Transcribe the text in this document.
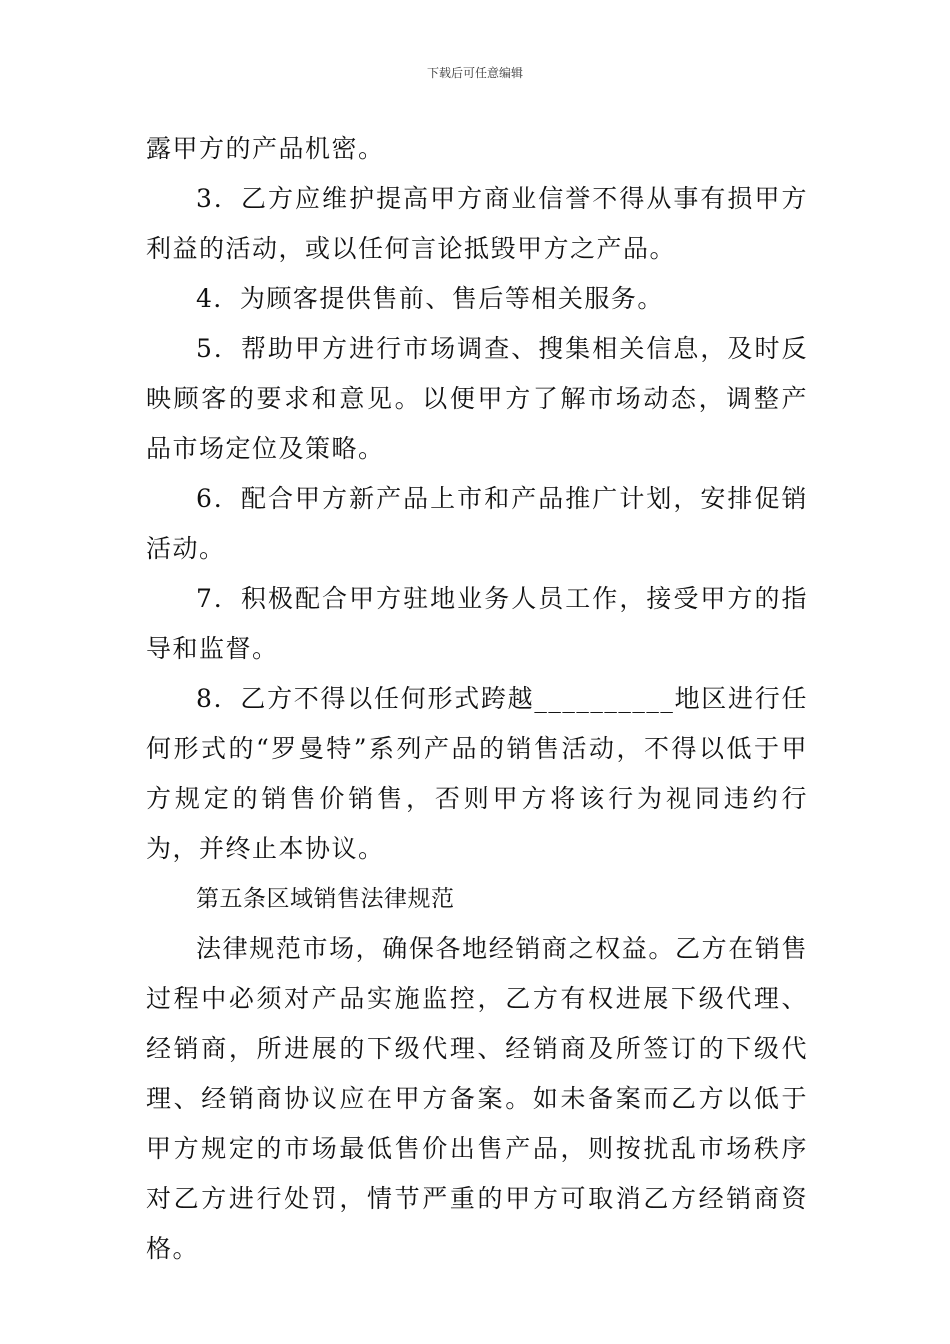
下载后可任意编辑

露甲方的产品机密。

3．乙方应维护提高甲方商业信誉不得从事有损甲方利益的活动，或以任何言论抵毁甲方之产品。

4．为顾客提供售前、售后等相关服务。

5．帮助甲方进行市场调查、搜集相关信息，及时反映顾客的要求和意见。以便甲方了解市场动态，调整产品市场定位及策略。

6．配合甲方新产品上市和产品推广计划，安排促销活动。

7．积极配合甲方驻地业务人员工作，接受甲方的指导和监督。

8．乙方不得以任何形式跨越__________地区进行任何形式的“罗曼特”系列产品的销售活动，不得以低于甲方规定的销售价销售，否则甲方将该行为视同违约行为，并终止本协议。

第五条区域销售法律规范

法律规范市场，确保各地经销商之权益。乙方在销售过程中必须对产品实施监控，乙方有权进展下级代理、经销商，所进展的下级代理、经销商及所签订的下级代理、经销商协议应在甲方备案。如未备案而乙方以低于甲方规定的市场最低售价出售产品，则按扰乱市场秩序对乙方进行处罚，情节严重的甲方可取消乙方经销商资格。
